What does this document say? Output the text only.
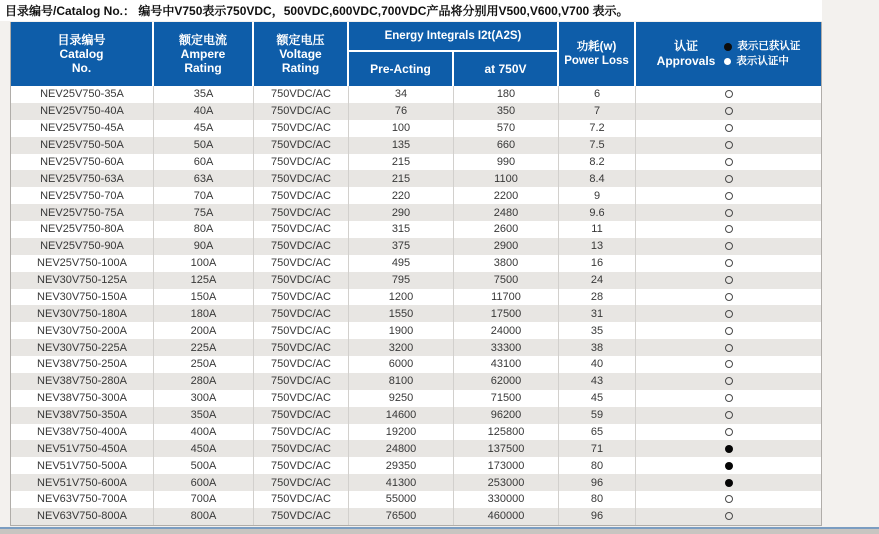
目录编号/Catalog No.： 编号中V750表示750VDC，500VDC,600VDC,700VDC产品将分别用V500,V600,V700 表示。
目录编号
Catalog
No.
额定电流
Ampere
Rating
额定电压
Voltage
Rating
Energy Integrals I2t(A2S)
Pre-Acting	at 750V
功耗(w)
Power Loss
认证
Approvals
表示已获认证
表示认证中
NEV25V750-35A	35A	750VDC/AC	34	180	6
NEV25V750-40A	40A	750VDC/AC	76	350	7
NEV25V750-45A	45A	750VDC/AC	100	570	7.2
NEV25V750-50A	50A	750VDC/AC	135	660	7.5
NEV25V750-60A	60A	750VDC/AC	215	990	8.2
NEV25V750-63A	63A	750VDC/AC	215	1100	8.4
NEV25V750-70A	70A	750VDC/AC	220	2200	9
NEV25V750-75A	75A	750VDC/AC	290	2480	9.6
NEV25V750-80A	80A	750VDC/AC	315	2600	11
NEV25V750-90A	90A	750VDC/AC	375	2900	13
NEV25V750-100A	100A	750VDC/AC	495	3800	16
NEV30V750-125A	125A	750VDC/AC	795	7500	24
NEV30V750-150A	150A	750VDC/AC	1200	11700	28
NEV30V750-180A	180A	750VDC/AC	1550	17500	31
NEV30V750-200A	200A	750VDC/AC	1900	24000	35
NEV30V750-225A	225A	750VDC/AC	3200	33300	38
NEV38V750-250A	250A	750VDC/AC	6000	43100	40
NEV38V750-280A	280A	750VDC/AC	8100	62000	43
NEV38V750-300A	300A	750VDC/AC	9250	71500	45
NEV38V750-350A	350A	750VDC/AC	14600	96200	59
NEV38V750-400A	400A	750VDC/AC	19200	125800	65
NEV51V750-450A	450A	750VDC/AC	24800	137500	71
NEV51V750-500A	500A	750VDC/AC	29350	173000	80
NEV51V750-600A	600A	750VDC/AC	41300	253000	96
NEV63V750-700A	700A	750VDC/AC	55000	330000	80
NEV63V750-800A	800A	750VDC/AC	76500	460000	96
